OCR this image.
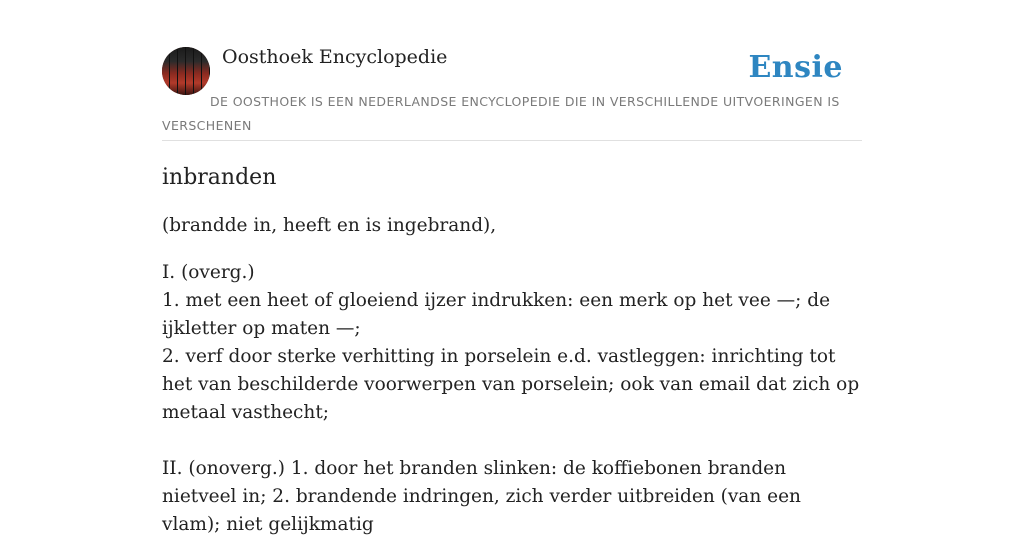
Oosthoek Encyclopedie	Ensie
DE OOSTHOEK IS EEN NEDERLANDSE ENCYCLOPEDIE DIE IN VERSCHILLENDE UITVOERINGEN IS VERSCHENEN
inbranden
(brandde in, heeft en is ingebrand),

I. (overg.)

1. met een heet of gloeiend ijzer indrukken: een merk op het vee —; de ijkletter op maten —;

2. verf door sterke verhitting in porselein e.d. vastleggen: inrichting tot het van beschilderde voorwerpen van porselein; ook van email dat zich op metaal vasthecht;

II. (onoverg.) 1. door het branden slinken: de koffiebonen branden nietveel in; 2. brandende indringen, zich verder uitbreiden (van een vlam); niet gelijkmatig
